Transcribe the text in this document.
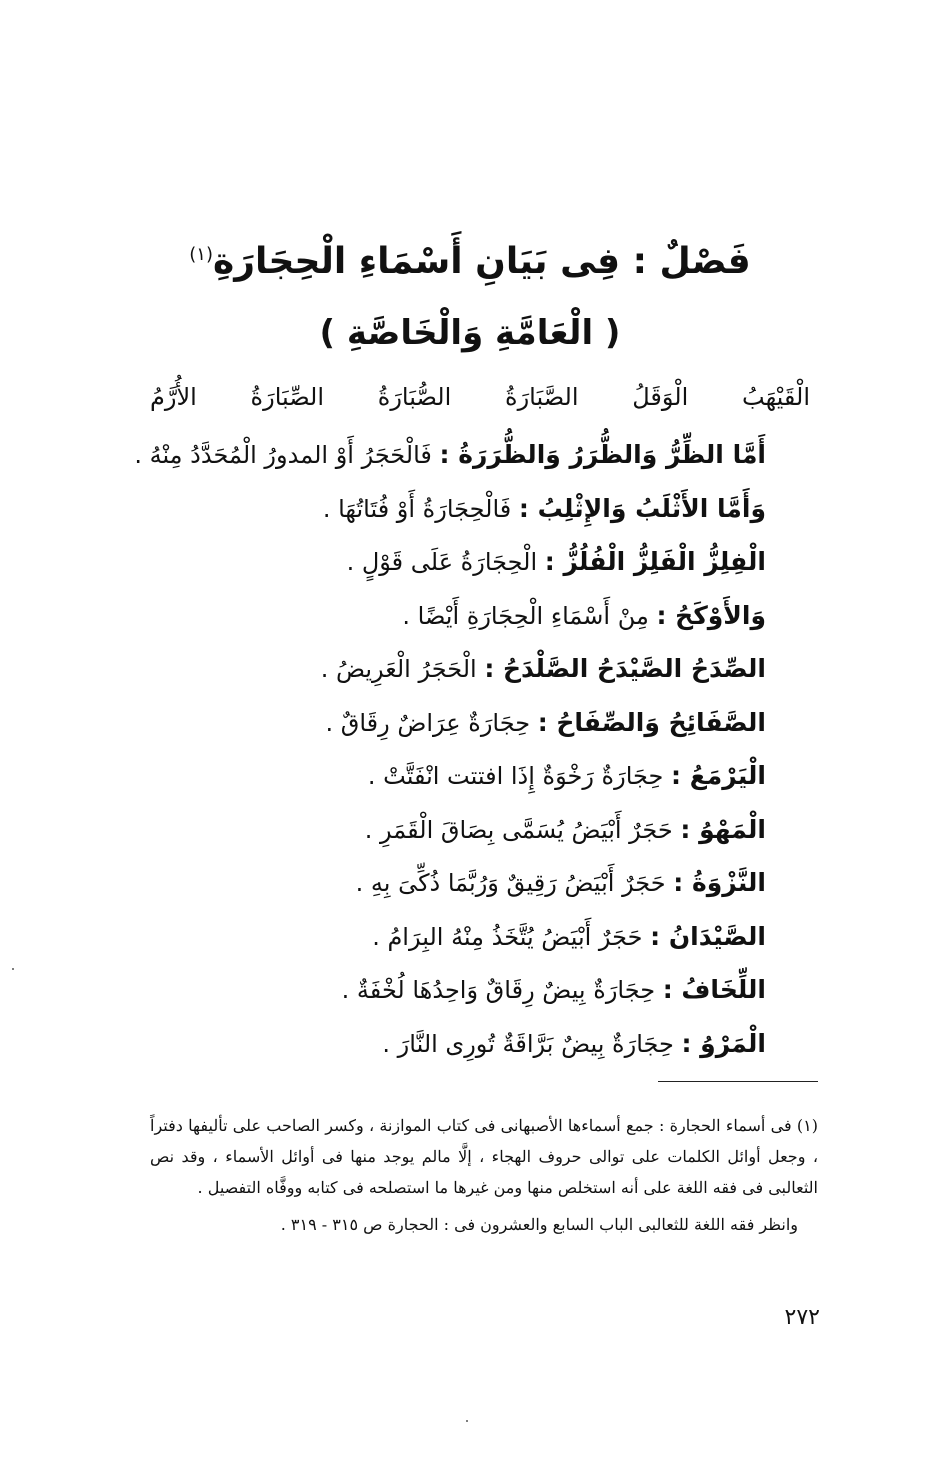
فَصْلٌ : فِى بَيَانِ أَسْمَاءِ الْحِجَارَةِ$^{(١)}$
( الْعَامَّةِ وَالْخَاصَّةِ )
الْقَيْهَبُ الْوَقَلُ الصَّبَارَةُ الصُّبَارَةُ الصِّبَارَةُ الأُرَّمُ
أَمَّا الظِّرُّ وَالظُّرَرُ وَالظُّرَرَةُ : فَالْحَجَرُ أَوْ المدورُ الْمُحَدَّدُ مِنْهُ .
وَأَمَّا الأَثْلَبُ وَالإِثْلِبُ : فَالْحِجَارَةُ أَوْ فُتَاتُهَا .
الْفِلِزُّ الْفَلِزُّ الْفُلُزُّ : الْحِجَارَةُ عَلَى قَوْلٍ .
وَالأَوْكَحُ : مِنْ أَسْمَاءِ الْحِجَارَةِ أَيْضًا .
الصِّدَحُ الصَّيْدَحُ الصَّلْدَحُ : الْحَجَرُ الْعَرِيضُ .
الصَّفَائِحُ وَالصِّفَاحُ : حِجَارَةٌ عِرَاضٌ رِقَاقٌ .
الْيَرْمَعُ : حِجَارَةٌ رَخْوَةٌ إِذَا افتتت انْفَتَّتْ .
الْمَهْوُ : حَجَرٌ أَبْيَضُ يُسَمَّى بِصَاقَ الْقَمَرِ .
النَّزْوَةُ : حَجَرٌ أَبْيَضُ رَقِيقٌ وَرُبَّمَا ذُكِّىَ بِهِ .
الصَّيْدَانُ : حَجَرٌ أَبْيَضُ يُتَّخَذُ مِنْهُ البِرَامُ .
اللِّخَافُ : حِجَارَةٌ بِيضٌ رِقَاقٌ وَاحِدُهَا لُخْفَةٌ .
الْمَرْوُ : حِجَارَةٌ بِيضٌ بَرَّاقَةٌ تُورِى النَّارَ .

(١) فى أسماء الحجارة : جمع أسماءها الأصبهانى فى كتاب الموازنة ، وكسر الصاحب على تأليفها دفتراً ، وجعل أوائل الكلمات على توالى حروف الهجاء ، إلَّا مالم يوجد منها فى أوائل الأسماء ، وقد نص الثعالبى فى فقه اللغة على أنه استخلص منها ومن غيرها ما استصلحه فى كتابه ووفَّاه التفصيل .

وانظر فقه اللغة للثعالبى الباب السابع والعشرون فى : الحجارة ص ٣١٥ - ٣١٩ .

٢٧٢
